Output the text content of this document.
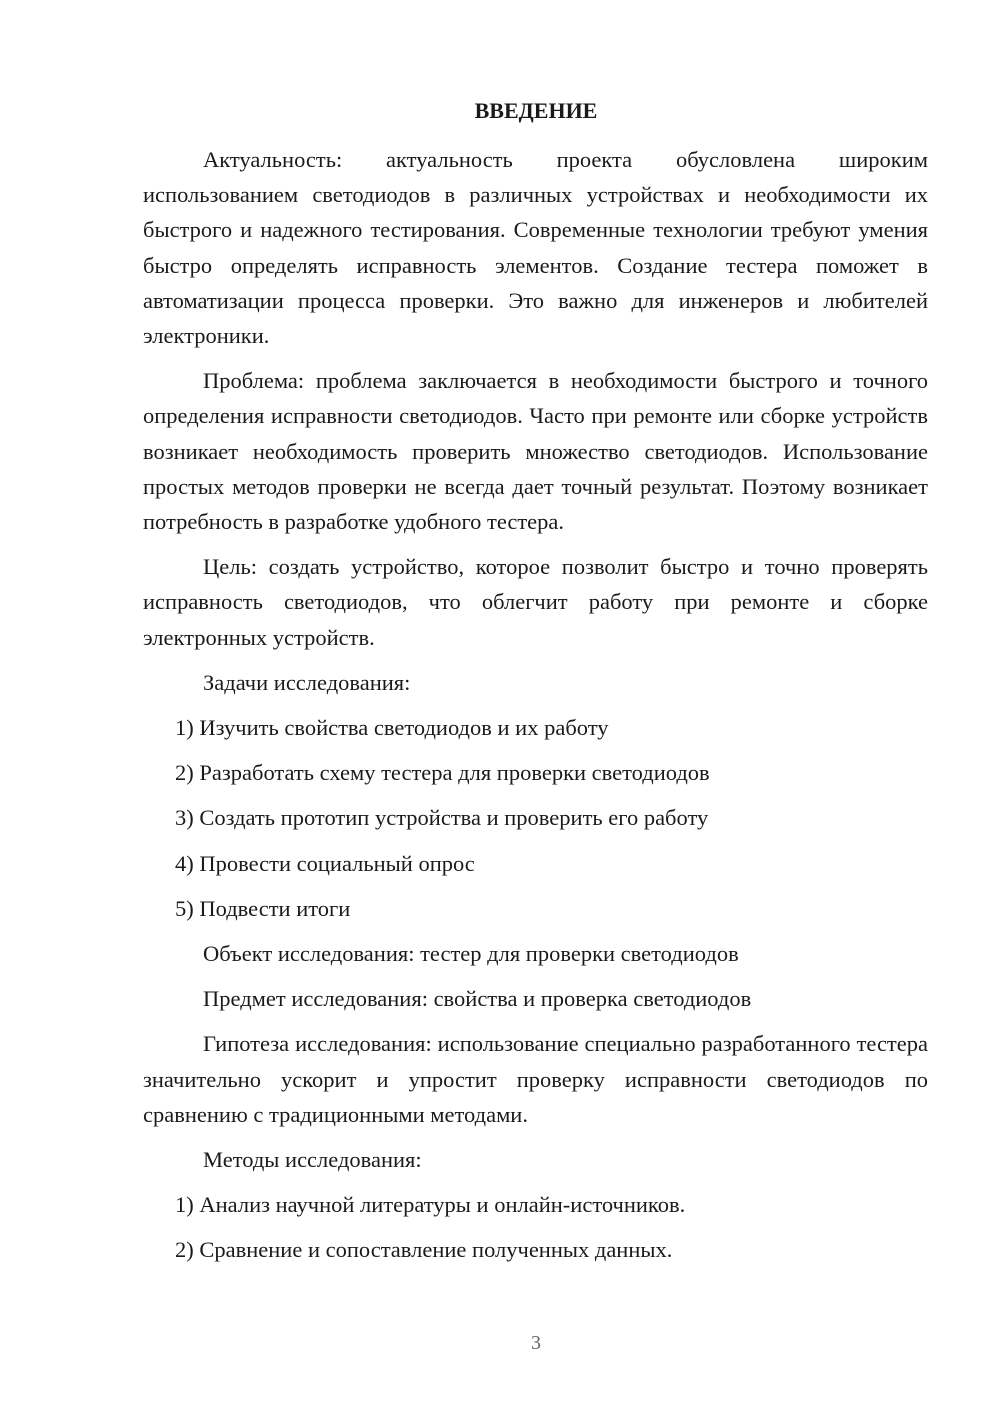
ВВЕДЕНИЕ

Актуальность: актуальность проекта обусловлена широким использованием светодиодов в различных устройствах и необходимости их быстрого и надежного тестирования. Современные технологии требуют умения быстро определять исправность элементов. Создание тестера поможет в автоматизации процесса проверки. Это важно для инженеров и любителей электроники.

Проблема: проблема заключается в необходимости быстрого и точного определения исправности светодиодов. Часто при ремонте или сборке устройств возникает необходимость проверить множество светодиодов. Использование простых методов проверки не всегда дает точный результат. Поэтому возникает потребность в разработке удобного тестера.

Цель: создать устройство, которое позволит быстро и точно проверять исправность светодиодов, что облегчит работу при ремонте и сборке электронных устройств.

Задачи исследования:

1) Изучить свойства светодиодов и их работу

2) Разработать схему тестера для проверки светодиодов

3) Создать прототип устройства и проверить его работу

4) Провести социальный опрос

5) Подвести итоги

Объект исследования: тестер для проверки светодиодов

Предмет исследования: свойства и проверка светодиодов

Гипотеза исследования: использование специально разработанного тестера значительно ускорит и упростит проверку исправности светодиодов по сравнению с традиционными методами.

Методы исследования:

1) Анализ научной литературы и онлайн-источников.

2) Сравнение и сопоставление полученных данных.

3
